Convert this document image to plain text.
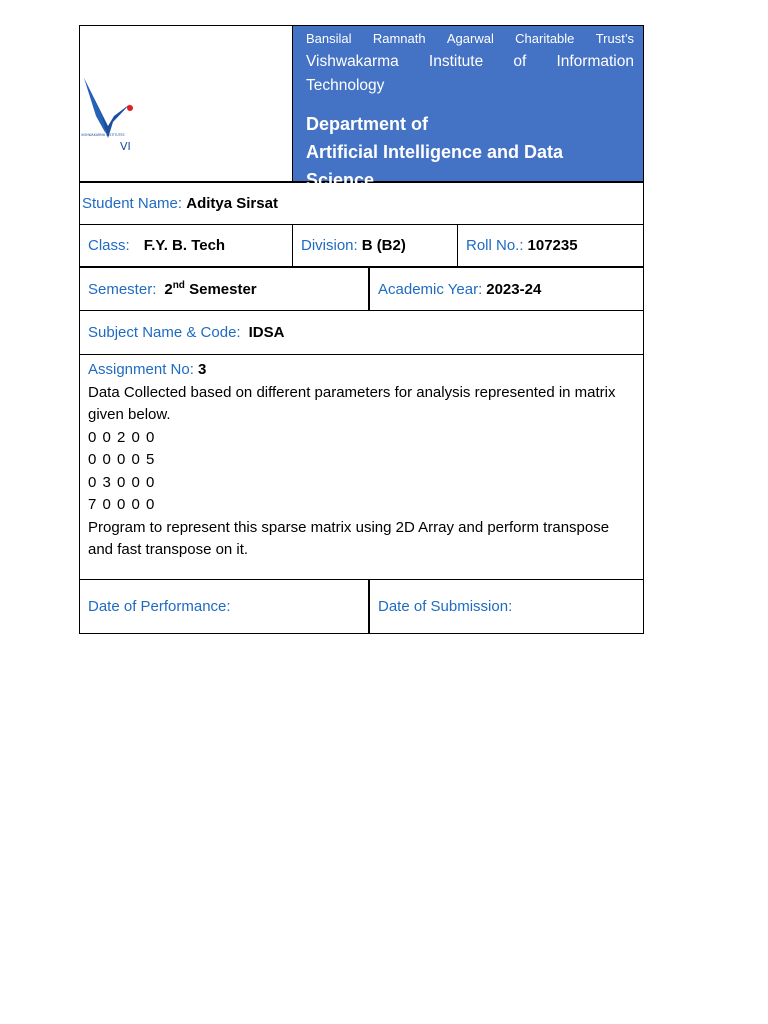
VISHWAKARMA INSTITUTES
VI
Bansilal Ramnath Agarwal Charitable Trust’s
Vishwakarma Institute of Information
Technology
Department of
Artificial Intelligence and Data Science
Student Name:
Aditya Sirsat
Class: F.Y. B. Tech	Division: B (B2)	Roll No.: 107235
Semester: 2nd Semester	Academic Year: 2023-24
Subject Name & Code: IDSA
Assignment No: 3
Data Collected based on different parameters for analysis represented in matrix given below.
0 0 2 0 0
0 0 0 0 5
0 3 0 0 0
7 0 0 0 0
Program to represent this sparse matrix using 2D Array and perform transpose and fast transpose on it.
Date of Performance:	Date of Submission:
